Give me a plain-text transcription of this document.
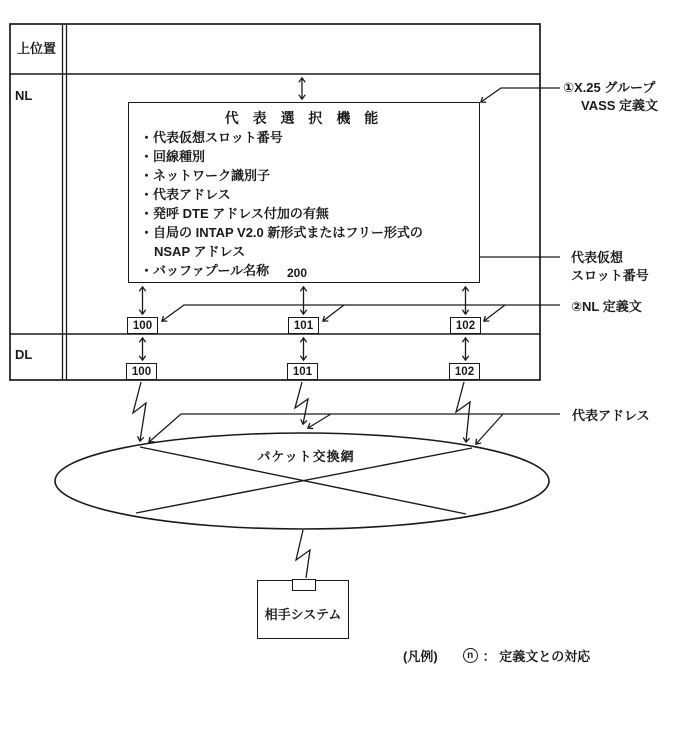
上位置
NL
DL
代 表 選 択 機 能
・代表仮想スロット番号
・回線種別
・ネットワーク識別子
・代表アドレス
・発呼 DTE アドレス付加の有無
・自局の INTAP V2.0 新形式またはフリー形式の
NSAP アドレス
・バッファプール名称	200
100	101	102
100	101	102
①X.25 グループ
VASS 定義文
代表仮想
スロット番号
②NL 定義文
代表アドレス
パケット交換網
相手システム
(凡例)	n ： 定義文との対応
